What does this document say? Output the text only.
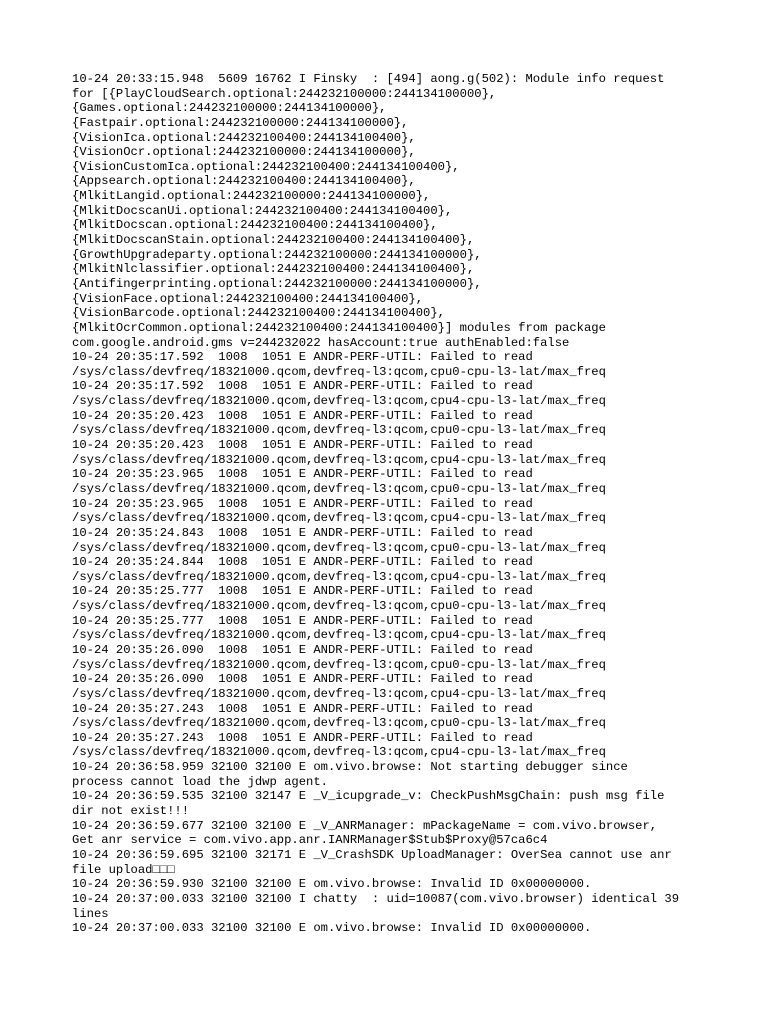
10-24 20:33:15.948  5609 16762 I Finsky  : [494] aong.g(502): Module info request
for [{PlayCloudSearch.optional:244232100000:244134100000},
{Games.optional:244232100000:244134100000},
{Fastpair.optional:244232100000:244134100000},
{VisionIca.optional:244232100400:244134100400},
{VisionOcr.optional:244232100000:244134100000},
{VisionCustomIca.optional:244232100400:244134100400},
{Appsearch.optional:244232100400:244134100400},
{MlkitLangid.optional:244232100000:244134100000},
{MlkitDocscanUi.optional:244232100400:244134100400},
{MlkitDocscan.optional:244232100400:244134100400},
{MlkitDocscanStain.optional:244232100400:244134100400},
{GrowthUpgradeparty.optional:244232100000:244134100000},
{MlkitNlclassifier.optional:244232100400:244134100400},
{Antifingerprinting.optional:244232100000:244134100000},
{VisionFace.optional:244232100400:244134100400},
{VisionBarcode.optional:244232100400:244134100400},
{MlkitOcrCommon.optional:244232100400:244134100400}] modules from package
com.google.android.gms v=244232022 hasAccount:true authEnabled:false
10-24 20:35:17.592  1008  1051 E ANDR-PERF-UTIL: Failed to read
/sys/class/devfreq/18321000.qcom,devfreq-l3:qcom,cpu0-cpu-l3-lat/max_freq
10-24 20:35:17.592  1008  1051 E ANDR-PERF-UTIL: Failed to read
/sys/class/devfreq/18321000.qcom,devfreq-l3:qcom,cpu4-cpu-l3-lat/max_freq
10-24 20:35:20.423  1008  1051 E ANDR-PERF-UTIL: Failed to read
/sys/class/devfreq/18321000.qcom,devfreq-l3:qcom,cpu0-cpu-l3-lat/max_freq
10-24 20:35:20.423  1008  1051 E ANDR-PERF-UTIL: Failed to read
/sys/class/devfreq/18321000.qcom,devfreq-l3:qcom,cpu4-cpu-l3-lat/max_freq
10-24 20:35:23.965  1008  1051 E ANDR-PERF-UTIL: Failed to read
/sys/class/devfreq/18321000.qcom,devfreq-l3:qcom,cpu0-cpu-l3-lat/max_freq
10-24 20:35:23.965  1008  1051 E ANDR-PERF-UTIL: Failed to read
/sys/class/devfreq/18321000.qcom,devfreq-l3:qcom,cpu4-cpu-l3-lat/max_freq
10-24 20:35:24.843  1008  1051 E ANDR-PERF-UTIL: Failed to read
/sys/class/devfreq/18321000.qcom,devfreq-l3:qcom,cpu0-cpu-l3-lat/max_freq
10-24 20:35:24.844  1008  1051 E ANDR-PERF-UTIL: Failed to read
/sys/class/devfreq/18321000.qcom,devfreq-l3:qcom,cpu4-cpu-l3-lat/max_freq
10-24 20:35:25.777  1008  1051 E ANDR-PERF-UTIL: Failed to read
/sys/class/devfreq/18321000.qcom,devfreq-l3:qcom,cpu0-cpu-l3-lat/max_freq
10-24 20:35:25.777  1008  1051 E ANDR-PERF-UTIL: Failed to read
/sys/class/devfreq/18321000.qcom,devfreq-l3:qcom,cpu4-cpu-l3-lat/max_freq
10-24 20:35:26.090  1008  1051 E ANDR-PERF-UTIL: Failed to read
/sys/class/devfreq/18321000.qcom,devfreq-l3:qcom,cpu0-cpu-l3-lat/max_freq
10-24 20:35:26.090  1008  1051 E ANDR-PERF-UTIL: Failed to read
/sys/class/devfreq/18321000.qcom,devfreq-l3:qcom,cpu4-cpu-l3-lat/max_freq
10-24 20:35:27.243  1008  1051 E ANDR-PERF-UTIL: Failed to read
/sys/class/devfreq/18321000.qcom,devfreq-l3:qcom,cpu0-cpu-l3-lat/max_freq
10-24 20:35:27.243  1008  1051 E ANDR-PERF-UTIL: Failed to read
/sys/class/devfreq/18321000.qcom,devfreq-l3:qcom,cpu4-cpu-l3-lat/max_freq
10-24 20:36:58.959 32100 32100 E om.vivo.browse: Not starting debugger since
process cannot load the jdwp agent.
10-24 20:36:59.535 32100 32147 E _V_icupgrade_v: CheckPushMsgChain: push msg file
dir not exist!!!
10-24 20:36:59.677 32100 32100 E _V_ANRManager: mPackageName = com.vivo.browser,
Get anr service = com.vivo.app.anr.IANRManager$Stub$Proxy@57ca6c4
10-24 20:36:59.695 32100 32171 E _V_CrashSDK UploadManager: OverSea cannot use anr
file upload□□□
10-24 20:36:59.930 32100 32100 E om.vivo.browse: Invalid ID 0x00000000.
10-24 20:37:00.033 32100 32100 I chatty  : uid=10087(com.vivo.browser) identical 39
lines
10-24 20:37:00.033 32100 32100 E om.vivo.browse: Invalid ID 0x00000000.
